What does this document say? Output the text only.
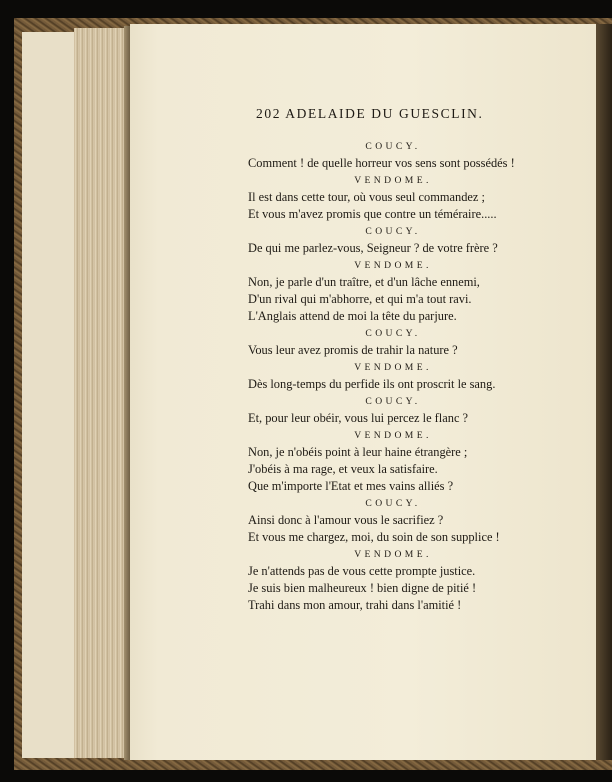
202 ADELAIDE DU GUESCLIN.
COUCY.
Comment ! de quelle horreur vos sens sont possédés !
VENDOME.
Il est dans cette tour, où vous seul commandez ;
Et vous m'avez promis que contre un téméraire.....
COUCY.
De qui me parlez-vous, Seigneur ? de votre frère ?
VENDOME.
Non, je parle d'un traître, et d'un lâche ennemi,
D'un rival qui m'abhorre, et qui m'a tout ravi.
L'Anglais attend de moi la tête du parjure.
COUCY.
Vous leur avez promis de trahir la nature ?
VENDOME.
Dès long-temps du perfide ils ont proscrit le sang.
COUCY.
Et, pour leur obéir, vous lui percez le flanc ?
VENDOME.
Non, je n'obéis point à leur haine étrangère ;
J'obéis à ma rage, et veux la satisfaire.
Que m'importe l'Etat et mes vains alliés ?
COUCY.
Ainsi donc à l'amour vous le sacrifiez ?
Et vous me chargez, moi, du soin de son supplice !
VENDOME.
Je n'attends pas de vous cette prompte justice.
Je suis bien malheureux ! bien digne de pitié !
Trahi dans mon amour, trahi dans l'amitié !
